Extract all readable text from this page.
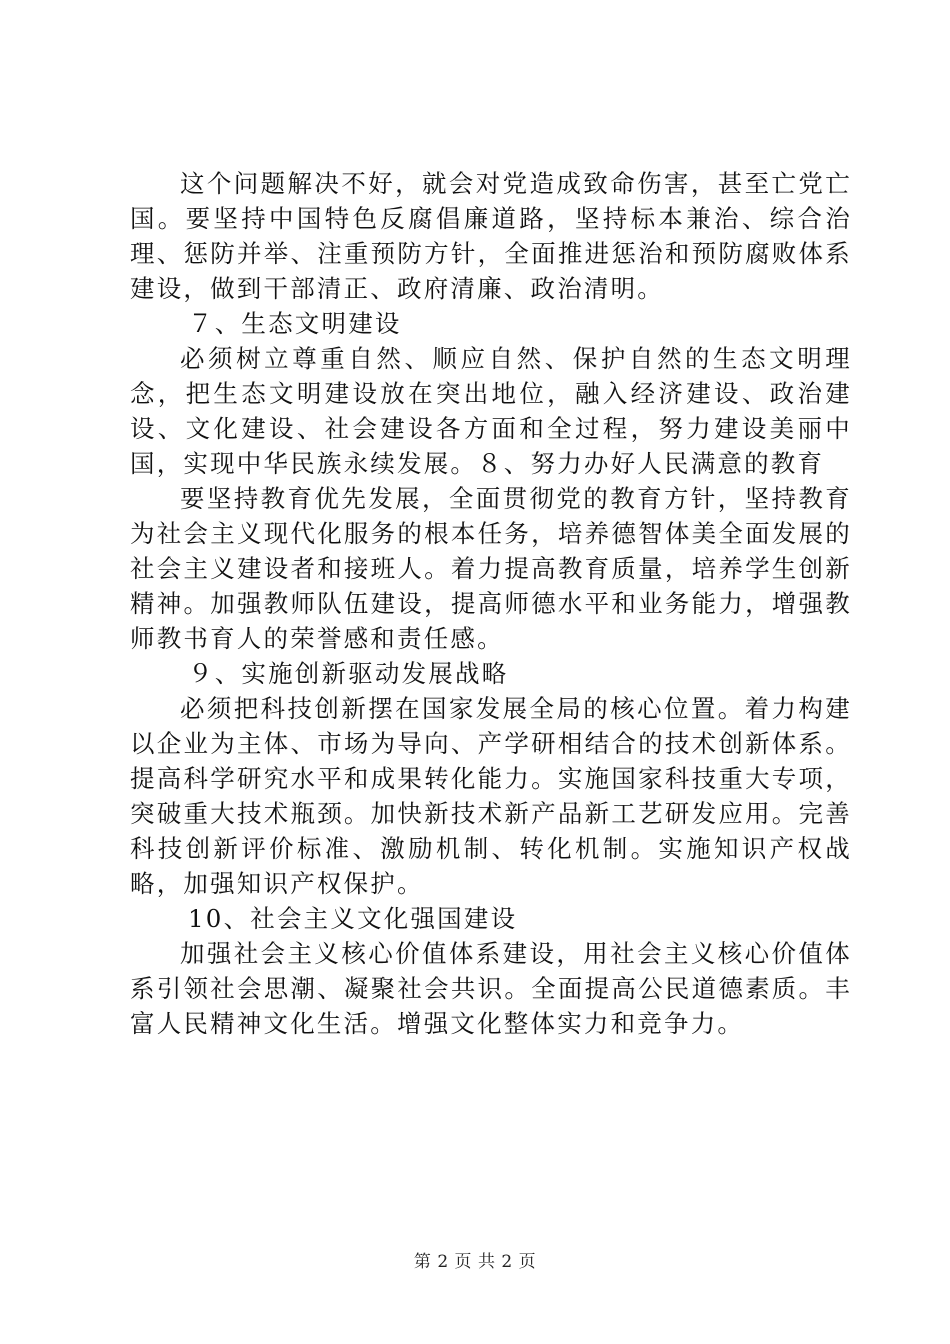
这个问题解决不好，就会对党造成致命伤害，甚至亡党亡国。要坚持中国特色反腐倡廉道路，坚持标本兼治、综合治理、惩防并举、注重预防方针，全面推进惩治和预防腐败体系建设，做到干部清正、政府清廉、政治清明。

７、生态文明建设

必须树立尊重自然、顺应自然、保护自然的生态文明理念，把生态文明建设放在突出地位，融入经济建设、政治建设、文化建设、社会建设各方面和全过程，努力建设美丽中国，实现中华民族永续发展。８、努力办好人民满意的教育

要坚持教育优先发展，全面贯彻党的教育方针，坚持教育为社会主义现代化服务的根本任务，培养德智体美全面发展的社会主义建设者和接班人。着力提高教育质量，培养学生创新精神。加强教师队伍建设，提高师德水平和业务能力，增强教师教书育人的荣誉感和责任感。

９、实施创新驱动发展战略

必须把科技创新摆在国家发展全局的核心位置。着力构建以企业为主体、市场为导向、产学研相结合的技术创新体系。提高科学研究水平和成果转化能力。实施国家科技重大专项，突破重大技术瓶颈。加快新技术新产品新工艺研发应用。完善科技创新评价标准、激励机制、转化机制。实施知识产权战略，加强知识产权保护。

10、社会主义文化强国建设

加强社会主义核心价值体系建设，用社会主义核心价值体系引领社会思潮、凝聚社会共识。全面提高公民道德素质。丰富人民精神文化生活。增强文化整体实力和竞争力。

第 2 页 共 2 页
